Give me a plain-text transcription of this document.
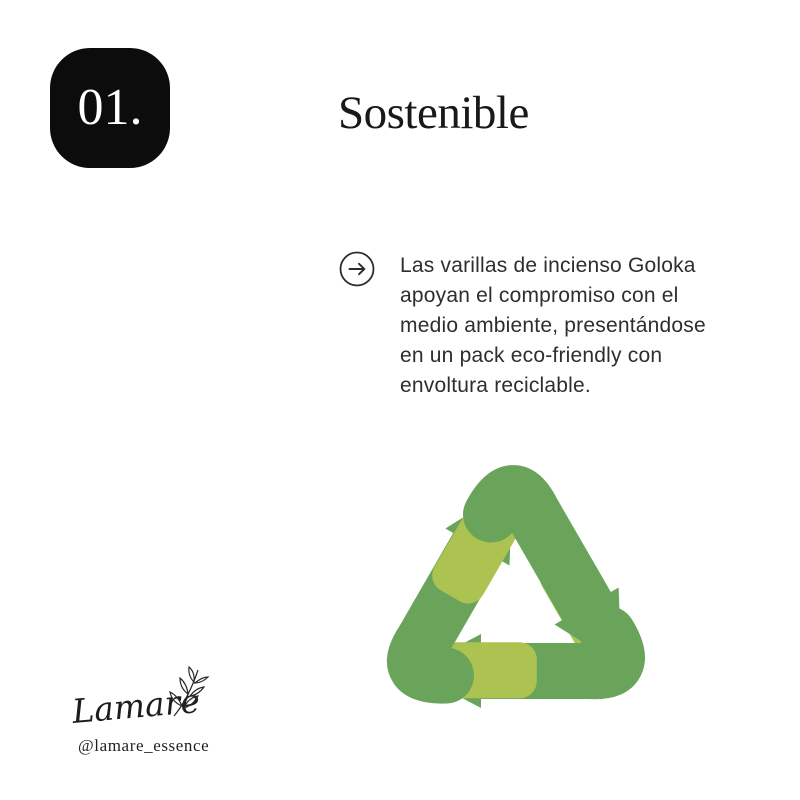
01.	Sostenible
Las varillas de incienso Goloka
apoyan el compromiso con el
medio ambiente, presentándose
en un pack eco-friendly con
envoltura reciclable.
Lamare
@lamare_essence
